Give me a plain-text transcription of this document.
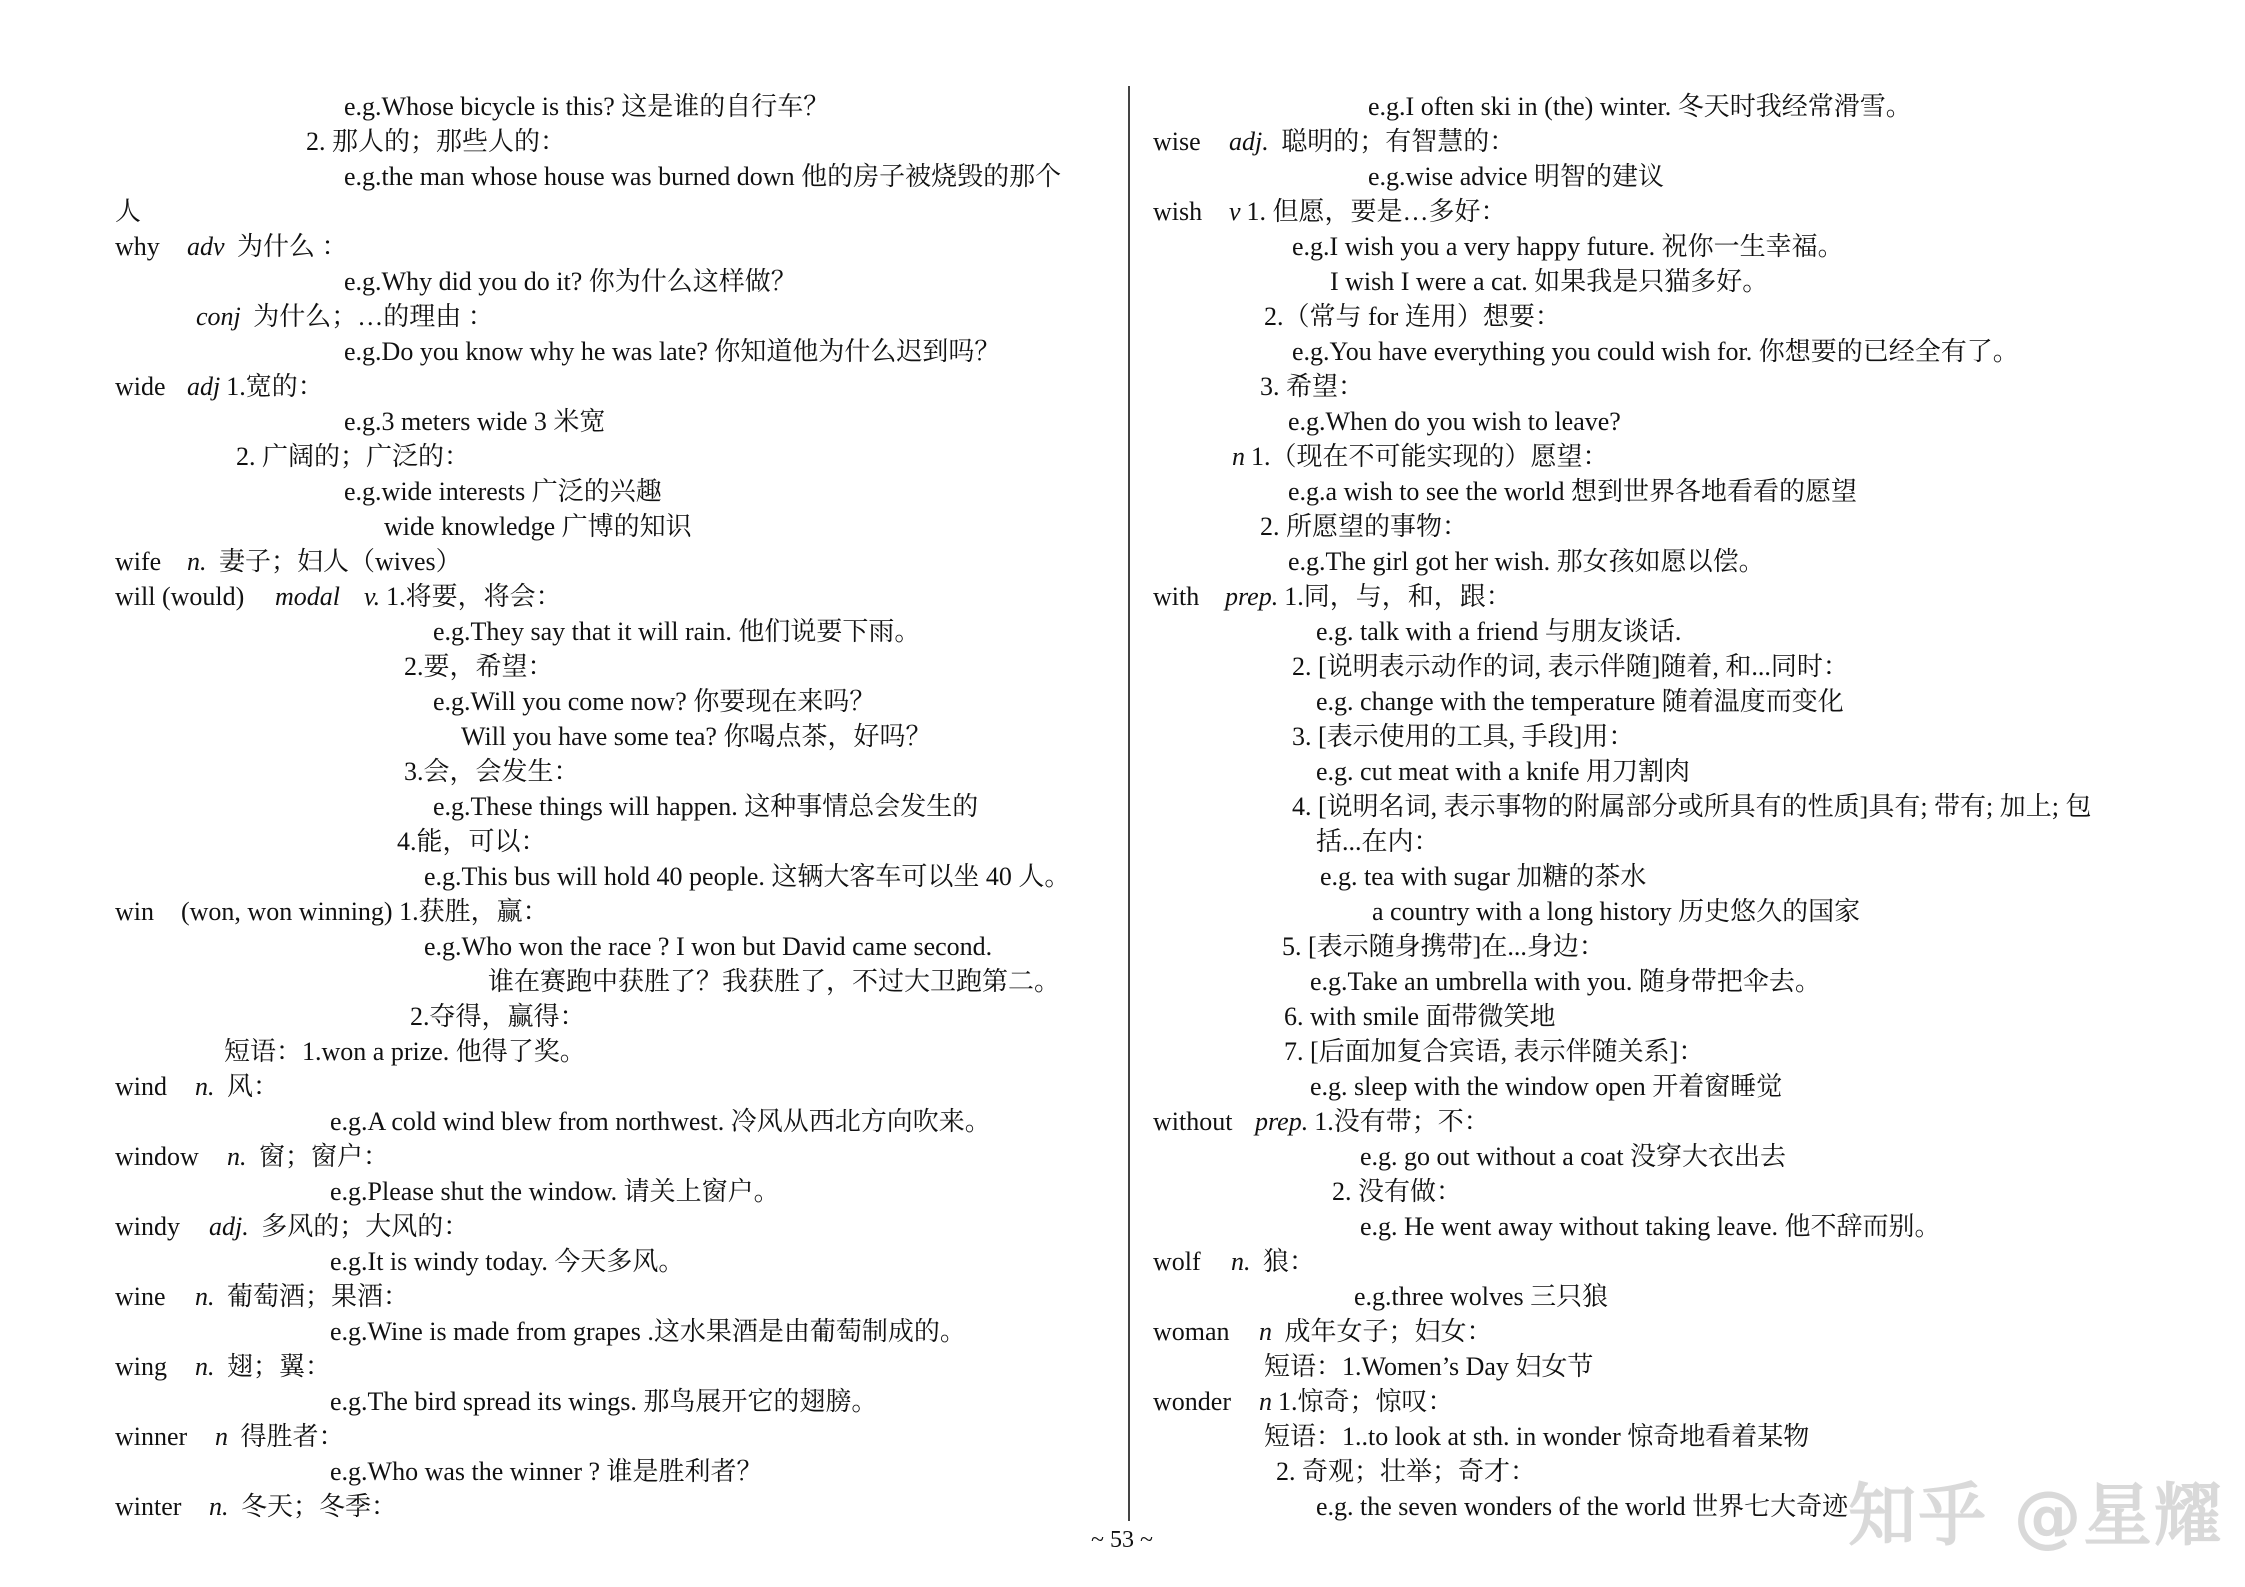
e.g.Whose bicycle is this? 这是谁的自行车？
2. 那人的；那些人的：
e.g.the man whose house was burned down 他的房子被烧毁的那个
人
why adv 为什么 ：
e.g.Why did you do it? 你为什么这样做？
conj 为什么；…的理由 ：
e.g.Do you know why he was late? 你知道他为什么迟到吗？
wide adj 1.宽的：
e.g.3 meters wide 3 米宽
2. 广阔的；广泛的：
e.g.wide interests 广泛的兴趣
wide knowledge 广博的知识
wife n. 妻子；妇人（wives）
will (would) modal v. 1.将要，将会：
e.g.They say that it will rain. 他们说要下雨。
2.要，希望：
e.g.Will you come now? 你要现在来吗？
Will you have some tea? 你喝点茶，好吗？
3.会，会发生：
e.g.These things will happen. 这种事情总会发生的
4.能，可以：
e.g.This bus will hold 40 people. 这辆大客车可以坐 40 人。
win (won, won winning) 1.获胜，赢：
e.g.Who won the race ? I won but David came second.
谁在赛跑中获胜了？我获胜了，不过大卫跑第二。
2.夺得，赢得：
短语：1.won a prize. 他得了奖。
wind n. 风：
e.g.A cold wind blew from northwest. 冷风从西北方向吹来。
window n. 窗；窗户：
e.g.Please shut the window. 请关上窗户。
windy adj. 多风的；大风的：
e.g.It is windy today. 今天多风。
wine n. 葡萄酒；果酒：
e.g.Wine is made from grapes .这水果酒是由葡萄制成的。
wing n. 翅；翼：
e.g.The bird spread its wings. 那鸟展开它的翅膀。
winner n 得胜者：
e.g.Who was the winner ? 谁是胜利者？
winter n. 冬天；冬季：
e.g.I often ski in (the) winter. 冬天时我经常滑雪。
wise adj. 聪明的；有智慧的：
e.g.wise advice 明智的建议
wish v 1. 但愿，要是…多好：
e.g.I wish you a very happy future. 祝你一生幸福。
I wish I were a cat. 如果我是只猫多好。
2.（常与 for 连用）想要：
e.g.You have everything you could wish for. 你想要的已经全有了。
3. 希望：
e.g.When do you wish to leave?
n 1.（现在不可能实现的）愿望：
e.g.a wish to see the world 想到世界各地看看的愿望
2. 所愿望的事物：
e.g.The girl got her wish. 那女孩如愿以偿。
with prep. 1.同，与，和，跟：
e.g. talk with a friend 与朋友谈话.
2. [说明表示动作的词, 表示伴随]随着, 和...同时：
e.g. change with the temperature 随着温度而变化
3. [表示使用的工具, 手段]用：
e.g. cut meat with a knife 用刀割肉
4. [说明名词, 表示事物的附属部分或所具有的性质]具有; 带有; 加上; 包
括...在内：
e.g. tea with sugar 加糖的茶水
a country with a long history 历史悠久的国家
5. [表示随身携带]在...身边：
e.g.Take an umbrella with you. 随身带把伞去。
6. with smile 面带微笑地
7. [后面加复合宾语, 表示伴随关系]：
e.g. sleep with the window open 开着窗睡觉
without prep. 1.没有带；不：
e.g. go out without a coat 没穿大衣出去
2. 没有做：
e.g. He went away without taking leave. 他不辞而别。
wolf n. 狼：
e.g.three wolves 三只狼
woman n 成年女子；妇女：
短语：1.Women’s Day 妇女节
wonder n 1.惊奇；惊叹：
短语：1..to look at sth. in wonder 惊奇地看着某物
2. 奇观；壮举；奇才：
e.g. the seven wonders of the world 世界七大奇迹
~ 53 ~	知乎 @星耀
